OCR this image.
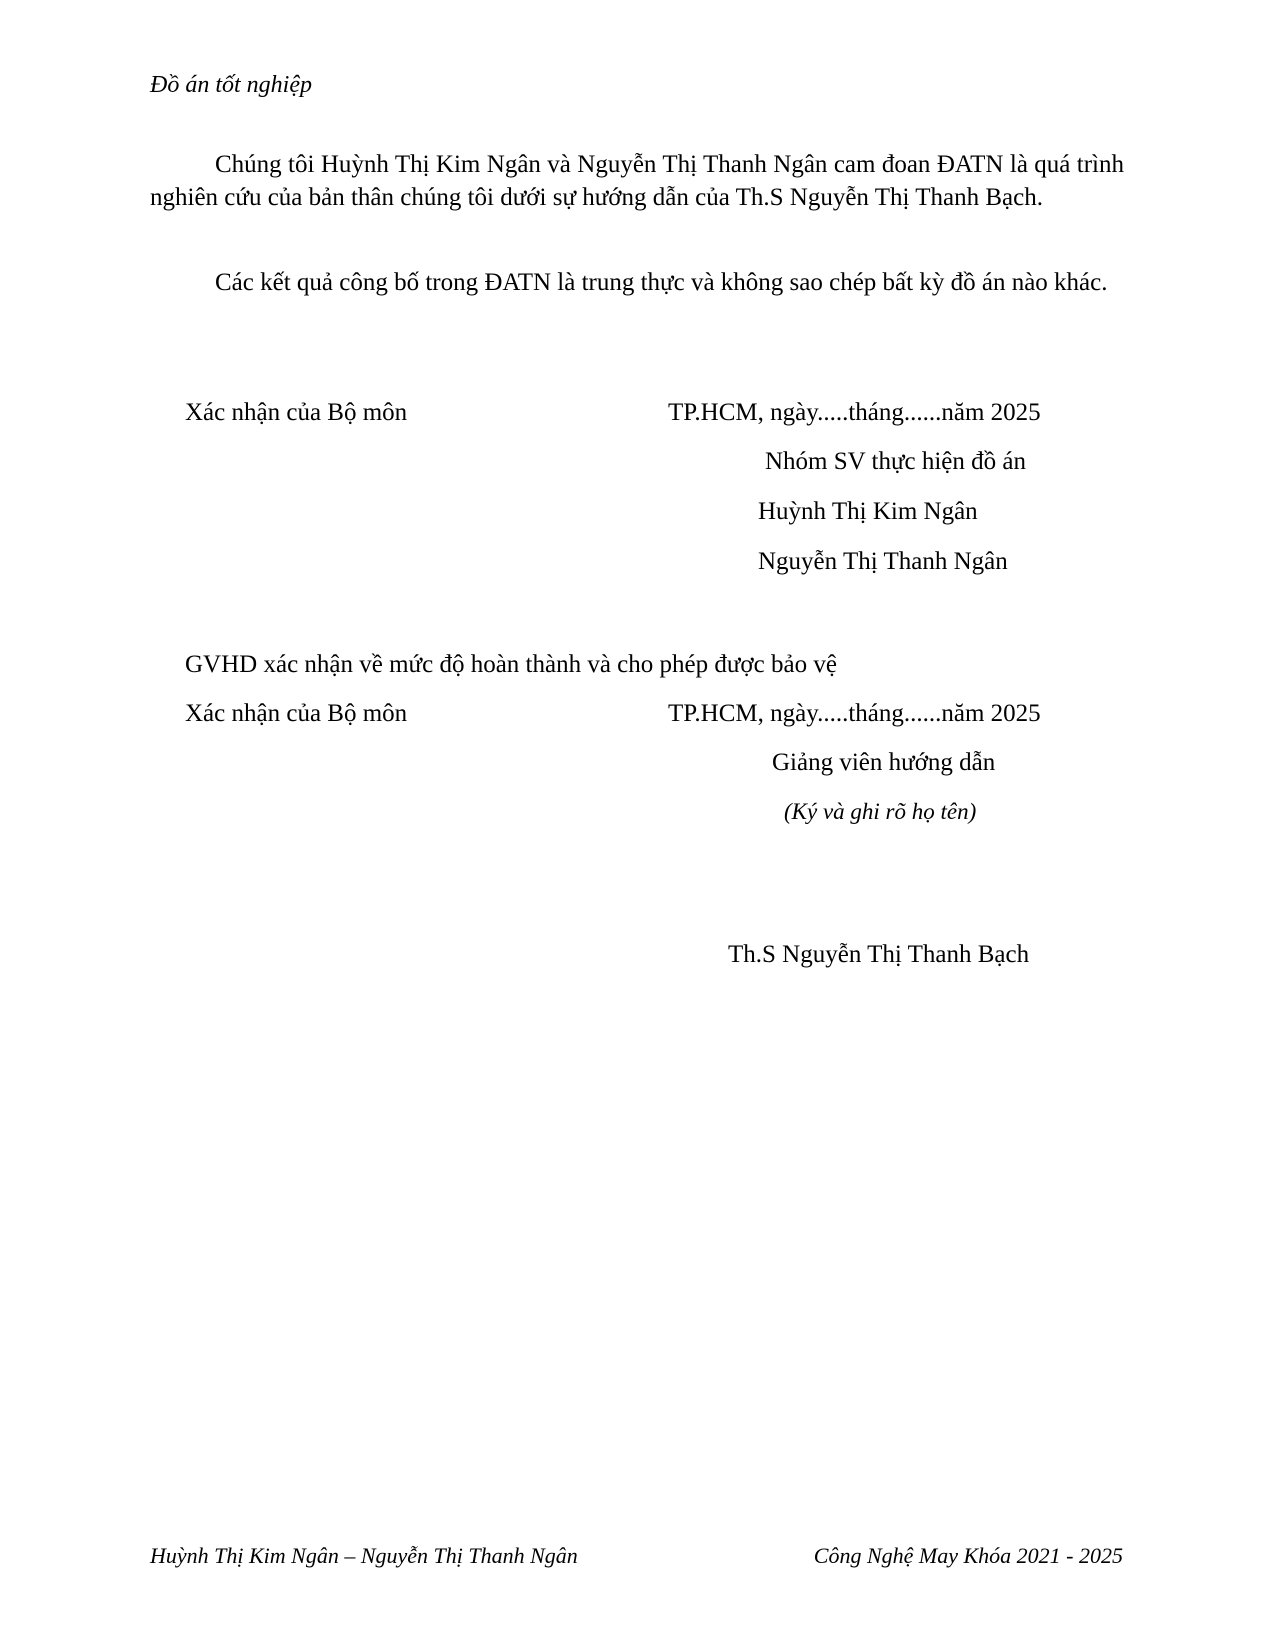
Đồ án tốt nghiệp

Chúng tôi Huỳnh Thị Kim Ngân và Nguyễn Thị Thanh Ngân cam đoan ĐATN là quá trình nghiên cứu của bản thân chúng tôi dưới sự hướng dẫn của Th.S Nguyễn Thị Thanh Bạch.

Các kết quả công bố trong ĐATN là trung thực và không sao chép bất kỳ đồ án nào khác.

Xác nhận của Bộ môn	TP.HCM, ngày.....tháng......năm 2025
Nhóm SV thực hiện đồ án
Huỳnh Thị Kim Ngân
Nguyễn Thị Thanh Ngân
GVHD xác nhận về mức độ hoàn thành và cho phép được bảo vệ
Xác nhận của Bộ môn	TP.HCM, ngày.....tháng......năm 2025
Giảng viên hướng dẫn
(Ký và ghi rõ họ tên)
Th.S Nguyễn Thị Thanh Bạch
Huỳnh Thị Kim Ngân – Nguyễn Thị Thanh Ngân	Công Nghệ May Khóa 2021 - 2025
